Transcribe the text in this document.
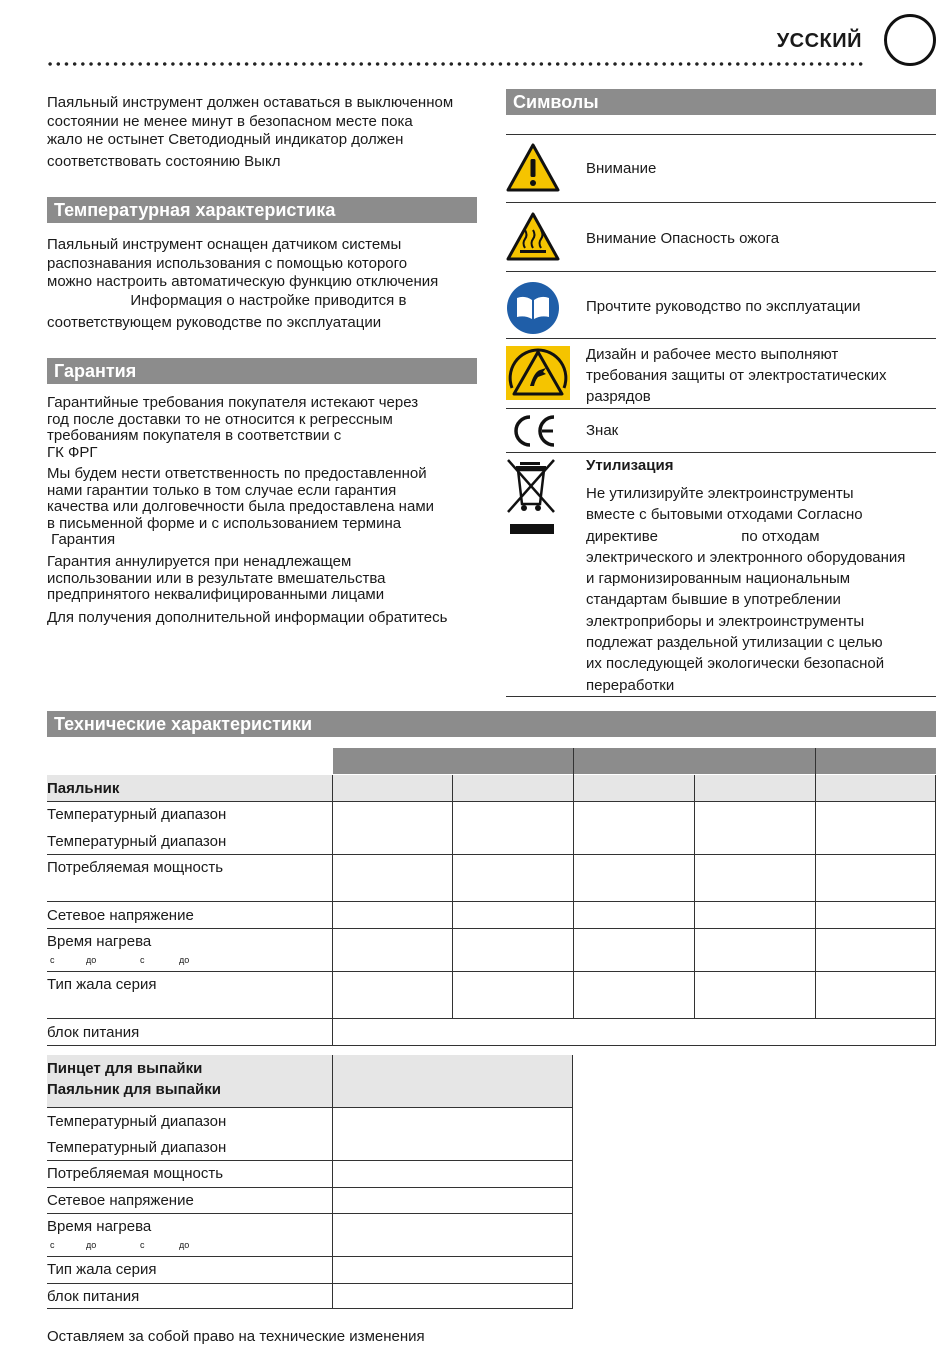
УССКИЙ
Паяльный инструмент должен оставаться в выключенном
состоянии не менее минут в безопасном месте пока
жало не остынет Светодиодный индикатор должен
соответствовать состоянию Выкл
Температурная характеристика
Паяльный инструмент оснащен датчиком системы
распознавания использования с помощью которого
можно настроить автоматическую функцию отключения
Информация о настройке приводится в
соответствующем руководстве по эксплуатации
Гарантия
Гарантийные требования покупателя истекают через
год после доставки то не относится к регрессным
требованиям покупателя в соответствии с
ГК ФРГ
Мы будем нести ответственность по предоставленной
нами гарантии только в том случае если гарантия
качества или долговечности была предоставлена нами
в письменной форме и с использованием термина
Гарантия
Гарантия аннулируется при ненадлежащем
использовании или в результате вмешательства
предпринятого неквалифицированными лицами
Для получения дополнительной информации обратитесь
Символы
Внимание
Внимание Опасность ожога
Прочтите руководство по эксплуатации
Дизайн и рабочее место выполняют
требования защиты от электростатических
разрядов
Знак
Утилизация
Не утилизируйте электроинструменты
вместе с бытовыми отходами Согласно
директиве                    по отходам
электрического и электронного оборудования
и гармонизированным национальным
стандартам бывшие в употреблении
электроприборы и электроинструменты
подлежат раздельной утилизации с целью
их последующей экологически безопасной
переработки
Технические характеристики
Паяльник
Температурный диапазон
Температурный диапазон
Потребляемая мощность
Сетевое напряжение
Время нагрева
с	до	с	до
Тип жала серия
блок питания
Пинцет для выпайки
Паяльник для выпайки
Температурный диапазон
Температурный диапазон
Потребляемая мощность
Сетевое напряжение
Время нагрева
с	до	с	до
Тип жала серия
блок питания
Оставляем за собой право на технические изменения
